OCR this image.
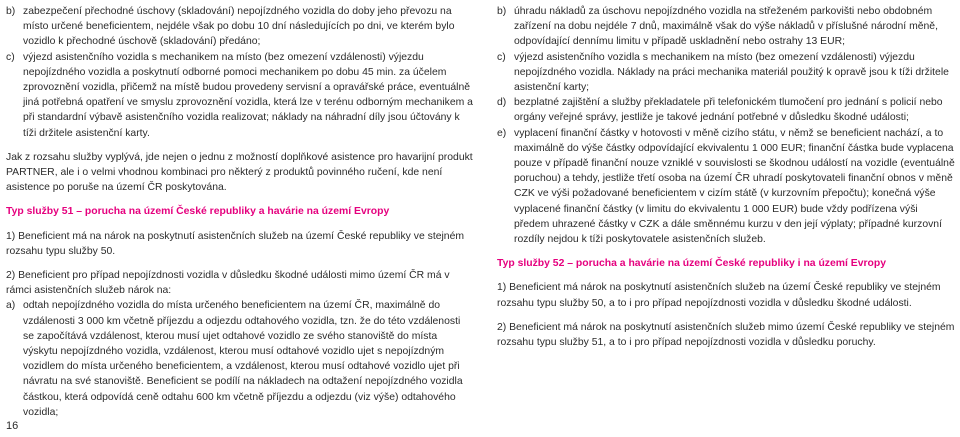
b) zabezpečení přechodné úschovy (skladování) nepojízdného vozidla do doby jeho převozu na místo určené beneficientem, nejdéle však po dobu 10 dní následujících po dni, ve kterém bylo vozidlo k přechodné úschově (skladování) předáno;
c) výjezd asistenčního vozidla s mechanikem na místo (bez omezení vzdálenosti) výjezdu nepojízdného vozidla a poskytnutí odborné pomoci mechanikem po dobu 45 min. za účelem zprovoznění vozidla, přičemž na místě budou provedeny servisní a opravářské práce, eventuálně jiná potřebná opatření ve smyslu zprovoznění vozidla, která lze v terénu odborným mechanikem a při standardní výbavě asistenčního vozidla realizovat; náklady na náhradní díly jsou účtovány k tíži držitele asistenční karty.

Jak z rozsahu služby vyplývá, jde nejen o jednu z možností doplňkové asistence pro havarijní produkt PARTNER, ale i o velmi vhodnou kombinaci pro některý z produktů povinného ručení, kde není asistence po poruše na území ČR poskytována.

Typ služby 51 – porucha na území České republiky a havárie na území Evropy

1) Beneficient má na nárok na poskytnutí asistenčních služeb na území České republiky ve stejném rozsahu typu služby 50.

2) Beneficient pro případ nepojízdnosti vozidla v důsledku škodné události mimo území ČR má v rámci asistenčních služeb nárok na:

a) odtah nepojízdného vozidla do místa určeného beneficientem na území ČR, maximálně do vzdálenosti 3 000 km včetně příjezdu a odjezdu odtahového vozidla, tzn. že do této vzdálenosti se započítává vzdálenost, kterou musí ujet odtahové vozidlo ze svého stanoviště do místa výskytu nepojízdného vozidla, vzdálenost, kterou musí odtahové vozidlo ujet s nepojízdným vozidlem do místa určeného beneficientem, a vzdálenost, kterou musí odtahové vozidlo ujet při návratu na své stanoviště. Beneficient se podílí na nákladech na odtažení nepojízdného vozidla částkou, která odpovídá ceně odtahu 600 km včetně příjezdu a odjezdu (viz výše) odtahového vozidla;
b) úhradu nákladů za úschovu nepojízdného vozidla na střeženém parkovišti nebo obdobném zařízení na dobu nejdéle 7 dnů, maximálně však do výše nákladů v příslušné národní měně, odpovídající dennímu limitu v případě uskladnění nebo ostrahy 13 EUR;
c) výjezd asistenčního vozidla s mechanikem na místo (bez omezení vzdálenosti) výjezdu nepojízdného vozidla. Náklady na práci mechanika materiál použitý k opravě jsou k tíži držitele asistenční karty;
d) bezplatné zajištění a služby překladatele při telefonickém tlumočení pro jednání s policií nebo orgány veřejné správy, jestliže je takové jednání potřebné v důsledku škodné události;
e) vyplacení finanční částky v hotovosti v měně cizího státu, v němž se beneficient nachází, a to maximálně do výše částky odpovídající ekvivalentu 1 000 EUR; finanční částka bude vyplacena pouze v případě finanční nouze vzniklé v souvislosti se škodnou událostí na vozidle (eventuálně poruchou) a tehdy, jestliže třetí osoba na území ČR uhradí poskytovateli finanční obnos v měně CZK ve výši požadované beneficientem v cizím státě (v kurzovním přepočtu); konečná výše vyplacené finanční částky (v limitu do ekvivalentu 1 000 EUR) bude vždy podřízena výši předem uhrazené částky v CZK a dále směnnému kurzu v den její výplaty; případné kurzovní rozdíly nejdou k tíži poskytovatele asistenčních služeb.

Typ služby 52 – porucha a havárie na území České republiky i na území Evropy

1) Beneficient má nárok na poskytnutí asistenčních služeb na území České republiky ve stejném rozsahu typu služby 50, a to i pro případ nepojízdnosti vozidla v důsledku škodné události.

2) Beneficient má nárok na poskytnutí asistenčních služeb mimo území České republiky ve stejném rozsahu typu služby 51, a to i pro případ nepojízdnosti vozidla v důsledku poruchy.

16
